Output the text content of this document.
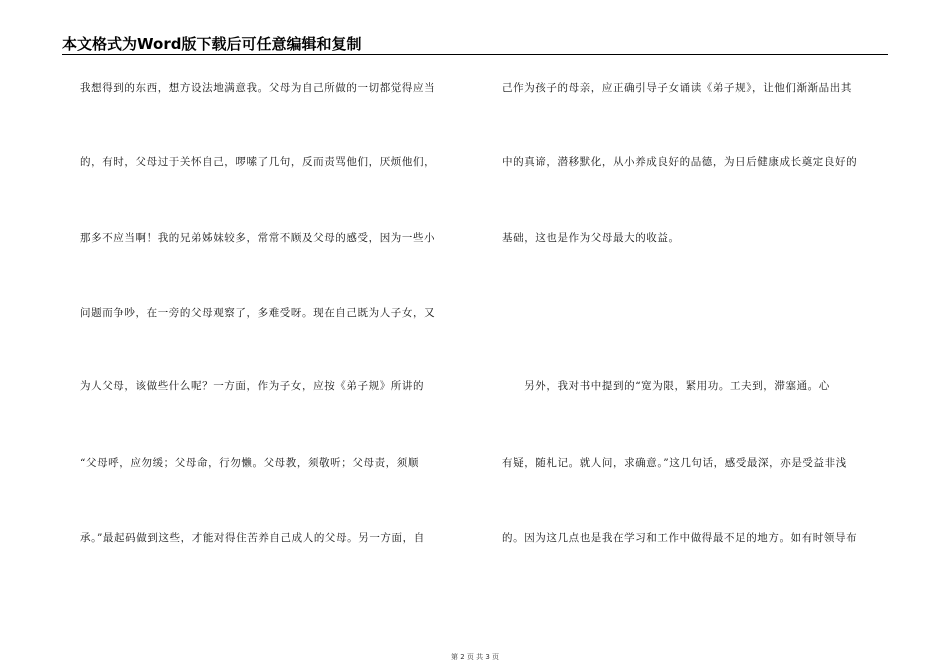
本文格式为Word版下载后可任意编辑和复制
我想得到的东西，想方设法地满意我。父母为自己所做的一切都觉得应当
的，有时，父母过于关怀自己，啰嗦了几句，反而责骂他们，厌烦他们，
那多不应当啊！我的兄弟姊妹较多，常常不顾及父母的感受，因为一些小
问题而争吵，在一旁的父母观察了，多难受呀。现在自己既为人子女，又
为人父母，该做些什么呢？一方面，作为子女，应按《弟子规》所讲的
“父母呼，应勿缓；父母命，行勿懒。父母教，须敬听；父母责，须顺
承。”最起码做到这些，才能对得住苦养自己成人的父母。另一方面，自
己作为孩子的母亲，应正确引导子女诵读《弟子规》，让他们渐渐品出其
中的真谛，潜移默化，从小养成良好的品德，为日后健康成长奠定良好的
基础，这也是作为父母最大的收益。
　　另外，我对书中提到的“宽为限，紧用功。工夫到，滞塞通。心
有疑，随札记。就人问，求确意。”这几句话，感受最深，亦是受益非浅
的。因为这几点也是我在学习和工作中做得最不足的地方。如有时领导布
第 2 页 共 3 页
